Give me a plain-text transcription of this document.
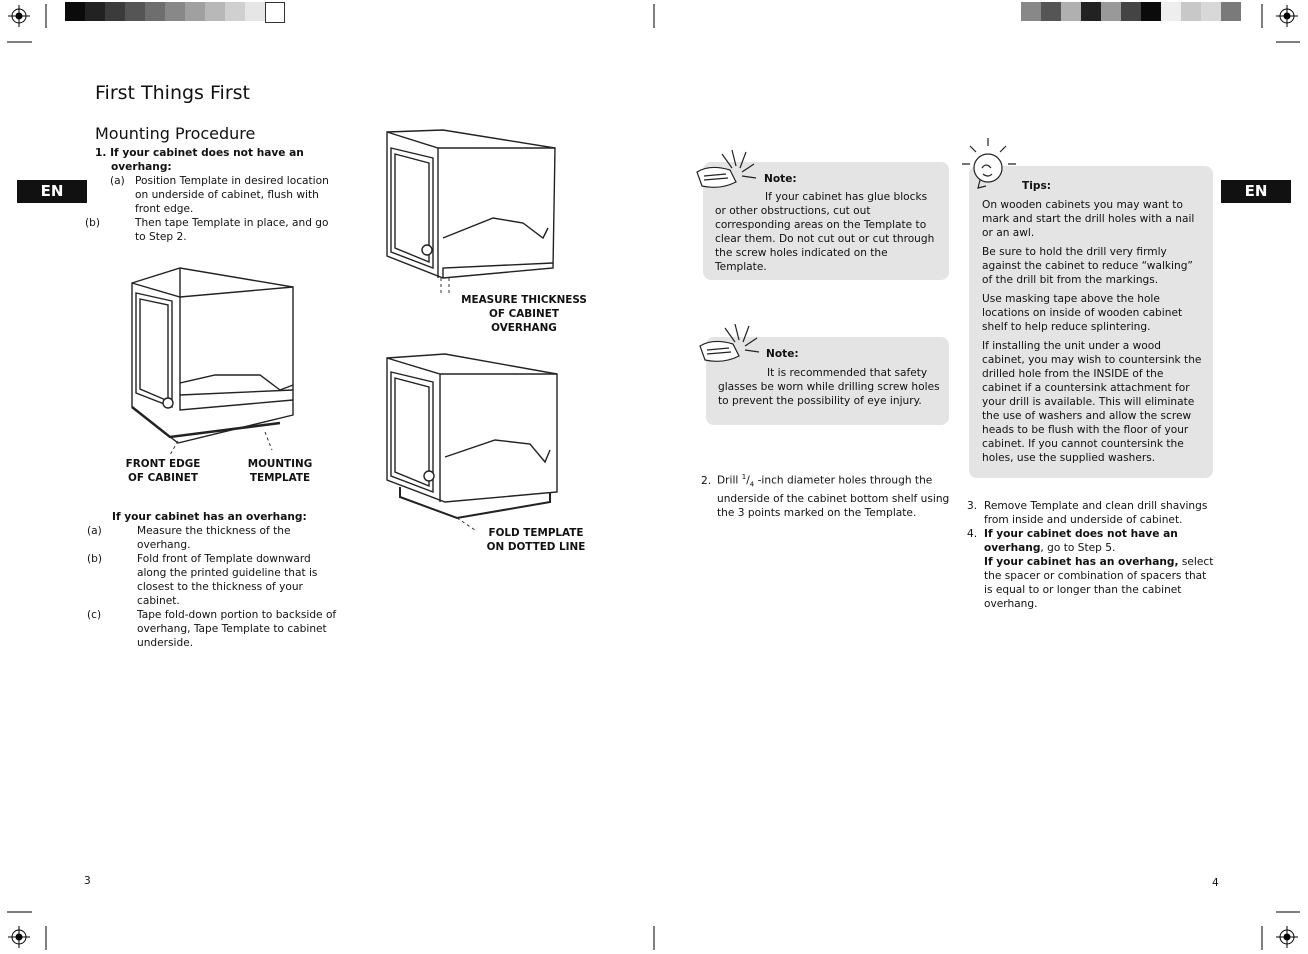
EN	EN
First Things First
Mounting Procedure
1. If your cabinet does not have an overhang:
(a) Position Template in desired location on underside of cabinet, flush with front edge.
(b)	Then tape Template in place, and go to Step 2.
If your cabinet has an overhang:
(a)	Measure the thickness of the overhang.
(b)	Fold front of Template downward along the printed guideline that is closest to the thickness of your cabinet.
(c)	Tape fold-down portion to backside of overhang, Tape Template to cabinet underside.
FRONT EDGE OF CABINET
MOUNTING TEMPLATE
MEASURE THICKNESS OF CABINET OVERHANG
FOLD TEMPLATE ON DOTTED LINE
Note:
If your cabinet has glue blocks or other obstructions, cut out corresponding areas on the Template to clear them. Do not cut out or cut through the screw holes indicated on the Template.
Note:
It is recommended that safety glasses be worn while drilling screw holes to prevent the possibility of eye injury.
2. Drill $^1/_4$ -inch diameter holes through the underside of the cabinet bottom shelf using the 3 points marked on the Template.
Tips:
On wooden cabinets you may want to mark and start the drill holes with a nail or an awl.
Be sure to hold the drill very firmly against the cabinet to reduce “walking” of the drill bit from the markings.
Use masking tape above the hole locations on inside of wooden cabinet shelf to help reduce splintering.
If installing the unit under a wood cabinet, you may wish to countersink the drilled hole from the INSIDE of the cabinet if a countersink attachment for your drill is available. This will eliminate the use of washers and allow the screw heads to be flush with the floor of your cabinet. If you cannot countersink the holes, use the supplied washers.
3. Remove Template and clean drill shavings from inside and underside of cabinet.
4. If your cabinet does not have an overhang, go to Step 5.
If your cabinet has an overhang, select the spacer or combination of spacers that is equal to or longer than the cabinet overhang.
3	4
